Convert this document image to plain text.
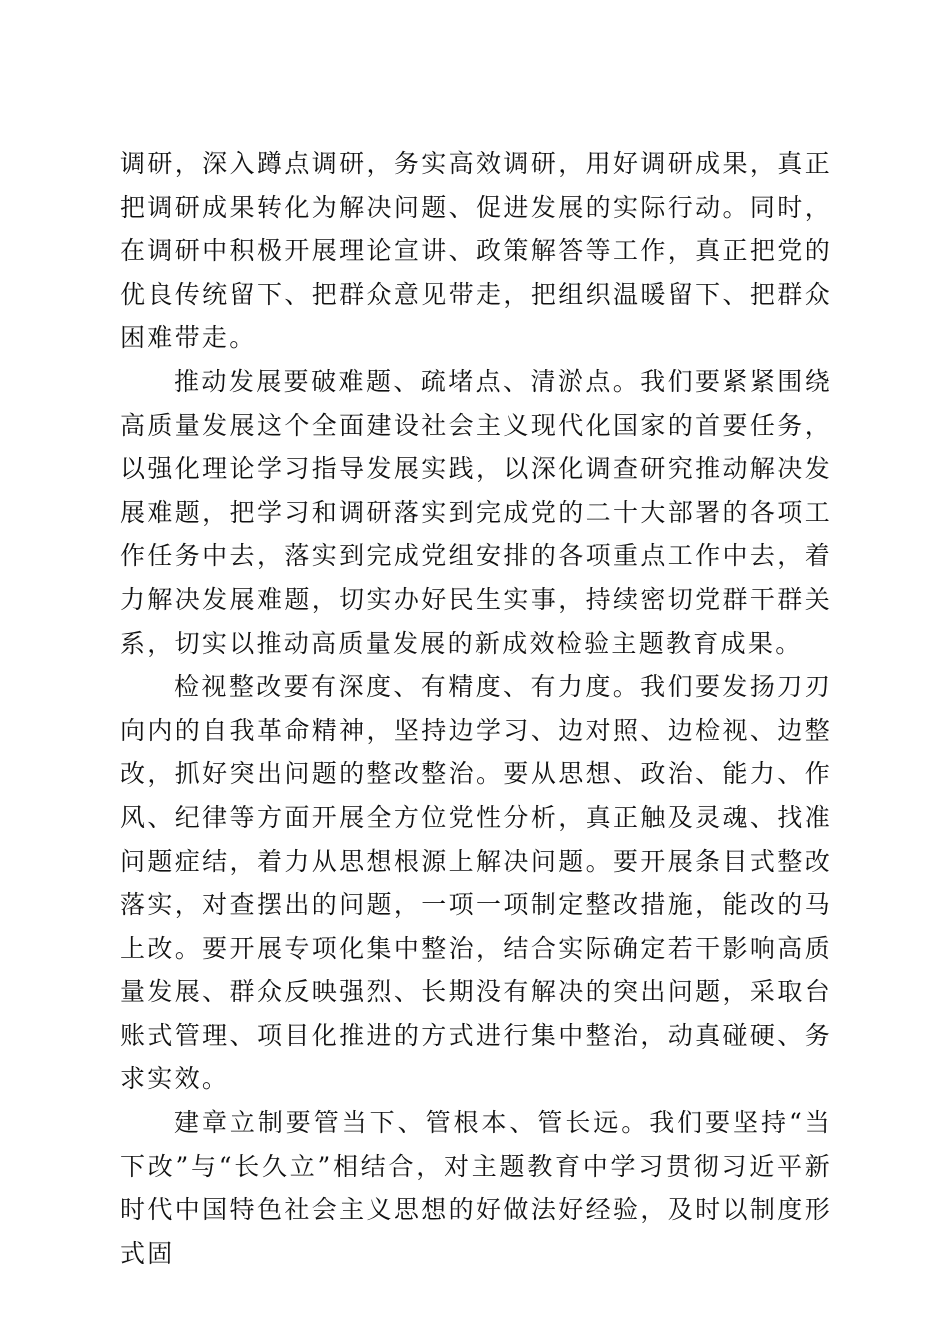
调研，深入蹲点调研，务实高效调研，用好调研成果，真正把调研成果转化为解决问题、促进发展的实际行动。同时，在调研中积极开展理论宣讲、政策解答等工作，真正把党的优良传统留下、把群众意见带走，把组织温暖留下、把群众困难带走。

推动发展要破难题、疏堵点、清淤点。我们要紧紧围绕高质量发展这个全面建设社会主义现代化国家的首要任务，以强化理论学习指导发展实践，以深化调查研究推动解决发展难题，把学习和调研落实到完成党的二十大部署的各项工作任务中去，落实到完成党组安排的各项重点工作中去，着力解决发展难题，切实办好民生实事，持续密切党群干群关系，切实以推动高质量发展的新成效检验主题教育成果。

检视整改要有深度、有精度、有力度。我们要发扬刀刃向内的自我革命精神，坚持边学习、边对照、边检视、边整改，抓好突出问题的整改整治。要从思想、政治、能力、作风、纪律等方面开展全方位党性分析，真正触及灵魂、找准问题症结，着力从思想根源上解决问题。要开展条目式整改落实，对查摆出的问题，一项一项制定整改措施，能改的马上改。要开展专项化集中整治，结合实际确定若干影响高质量发展、群众反映强烈、长期没有解决的突出问题，采取台账式管理、项目化推进的方式进行集中整治，动真碰硬、务求实效。

建章立制要管当下、管根本、管长远。我们要坚持“当下改”与“长久立”相结合，对主题教育中学习贯彻习近平新时代中国特色社会主义思想的好做法好经验，及时以制度形式固
